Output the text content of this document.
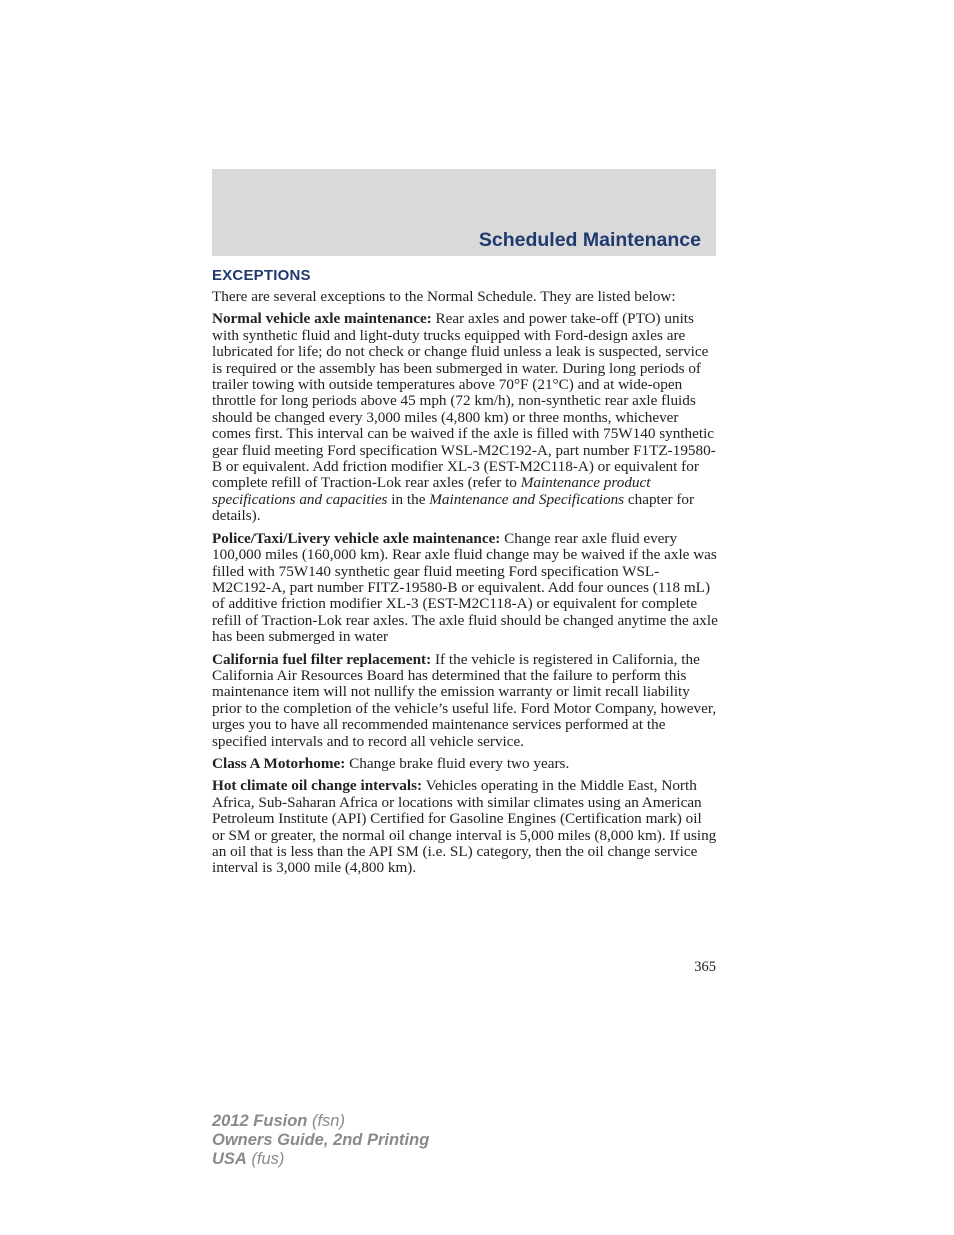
Scheduled Maintenance
EXCEPTIONS

There are several exceptions to the Normal Schedule. They are listed below:

Normal vehicle axle maintenance: Rear axles and power take-off (PTO) units with synthetic fluid and light-duty trucks equipped with Ford-design axles are lubricated for life; do not check or change fluid unless a leak is suspected, service is required or the assembly has been submerged in water. During long periods of trailer towing with outside temperatures above 70°F (21°C) and at wide-open throttle for long periods above 45 mph (72 km/h), non-synthetic rear axle fluids should be changed every 3,000 miles (4,800 km) or three months, whichever comes first. This interval can be waived if the axle is filled with 75W140 synthetic gear fluid meeting Ford specification WSL-M2C192-A, part number F1TZ-19580-B or equivalent. Add friction modifier XL-3 (EST-M2C118-A) or equivalent for complete refill of Traction-Lok rear axles (refer to Maintenance product specifications and capacities in the Maintenance and Specifications chapter for details).

Police/Taxi/Livery vehicle axle maintenance: Change rear axle fluid every 100,000 miles (160,000 km). Rear axle fluid change may be waived if the axle was filled with 75W140 synthetic gear fluid meeting Ford specification WSL-M2C192-A, part number FITZ-19580-B or equivalent. Add four ounces (118 mL) of additive friction modifier XL-3 (EST-M2C118-A) or equivalent for complete refill of Traction-Lok rear axles. The axle fluid should be changed anytime the axle has been submerged in water

California fuel filter replacement: If the vehicle is registered in California, the California Air Resources Board has determined that the failure to perform this maintenance item will not nullify the emission warranty or limit recall liability prior to the completion of the vehicle’s useful life. Ford Motor Company, however, urges you to have all recommended maintenance services performed at the specified intervals and to record all vehicle service.

Class A Motorhome: Change brake fluid every two years.

Hot climate oil change intervals: Vehicles operating in the Middle East, North Africa, Sub-Saharan Africa or locations with similar climates using an American Petroleum Institute (API) Certified for Gasoline Engines (Certification mark) oil or SM or greater, the normal oil change interval is 5,000 miles (8,000 km). If using an oil that is less than the API SM (i.e. SL) category, then the oil change service interval is 3,000 mile (4,800 km).

365
2012 Fusion (fsn)
Owners Guide, 2nd Printing
USA (fus)
